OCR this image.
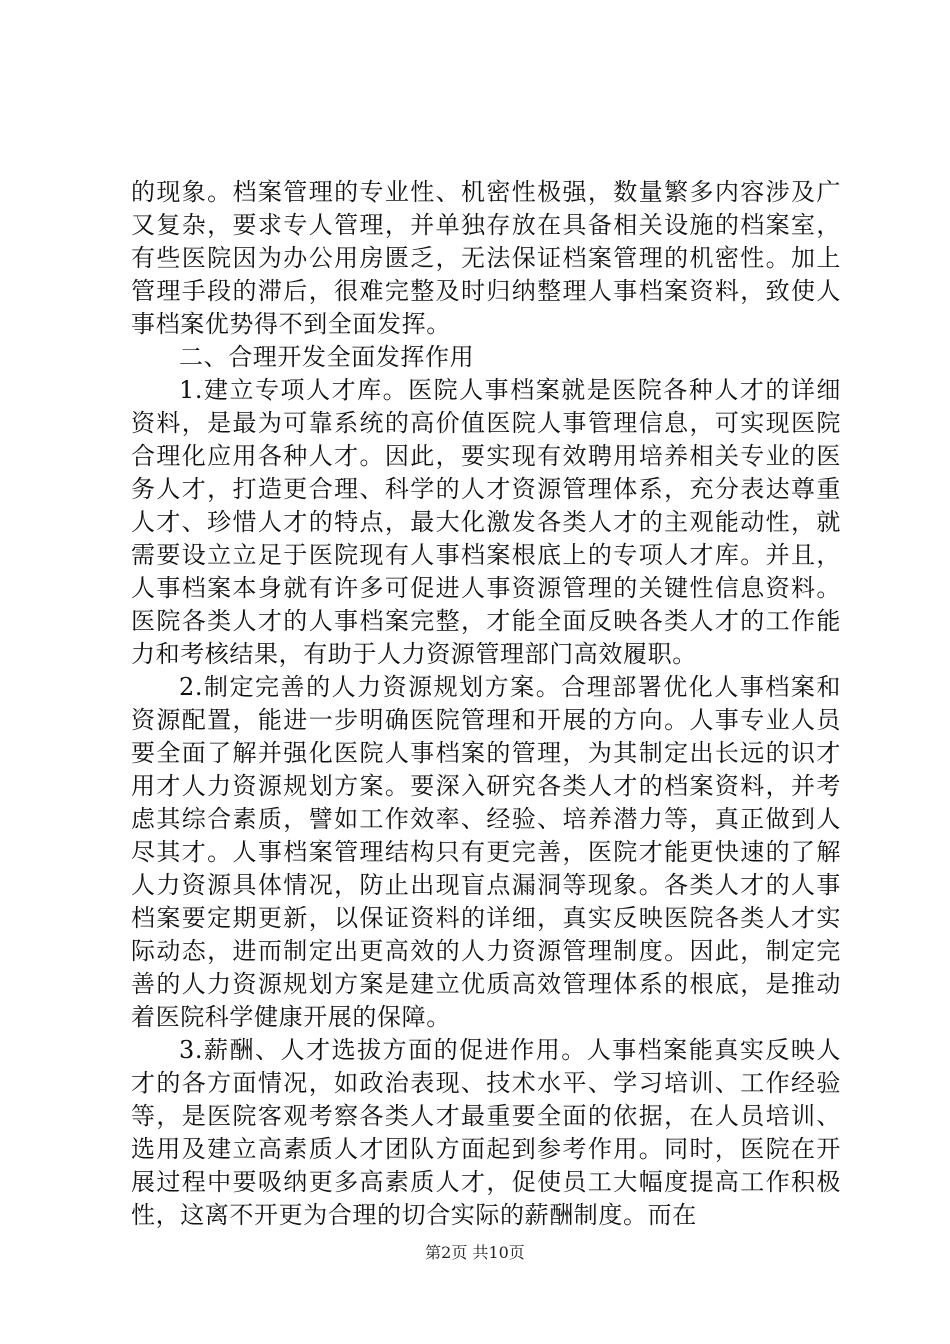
的现象。档案管理的专业性、机密性极强，数量繁多内容涉及广又复杂，要求专人管理，并单独存放在具备相关设施的档案室，有些医院因为办公用房匮乏，无法保证档案管理的机密性。加上管理手段的滞后，很难完整及时归纳整理人事档案资料，致使人事档案优势得不到全面发挥。

二、合理开发全面发挥作用

1.建立专项人才库。医院人事档案就是医院各种人才的详细资料，是最为可靠系统的高价值医院人事管理信息，可实现医院合理化应用各种人才。因此，要实现有效聘用培养相关专业的医务人才，打造更合理、科学的人才资源管理体系，充分表达尊重人才、珍惜人才的特点，最大化激发各类人才的主观能动性，就需要设立立足于医院现有人事档案根底上的专项人才库。并且，人事档案本身就有许多可促进人事资源管理的关键性信息资料。医院各类人才的人事档案完整，才能全面反映各类人才的工作能力和考核结果，有助于人力资源管理部门高效履职。

2.制定完善的人力资源规划方案。合理部署优化人事档案和资源配置，能进一步明确医院管理和开展的方向。人事专业人员要全面了解并强化医院人事档案的管理，为其制定出长远的识才用才人力资源规划方案。要深入研究各类人才的档案资料，并考虑其综合素质，譬如工作效率、经验、培养潜力等，真正做到人尽其才。人事档案管理结构只有更完善，医院才能更快速的了解人力资源具体情况，防止出现盲点漏洞等现象。各类人才的人事档案要定期更新，以保证资料的详细，真实反映医院各类人才实际动态，进而制定出更高效的人力资源管理制度。因此，制定完善的人力资源规划方案是建立优质高效管理体系的根底，是推动着医院科学健康开展的保障。

3.薪酬、人才选拔方面的促进作用。人事档案能真实反映人才的各方面情况，如政治表现、技术水平、学习培训、工作经验等，是医院客观考察各类人才最重要全面的依据，在人员培训、选用及建立高素质人才团队方面起到参考作用。同时，医院在开展过程中要吸纳更多高素质人才，促使员工大幅度提高工作积极性，这离不开更为合理的切合实际的薪酬制度。而在

第2页 共10页
